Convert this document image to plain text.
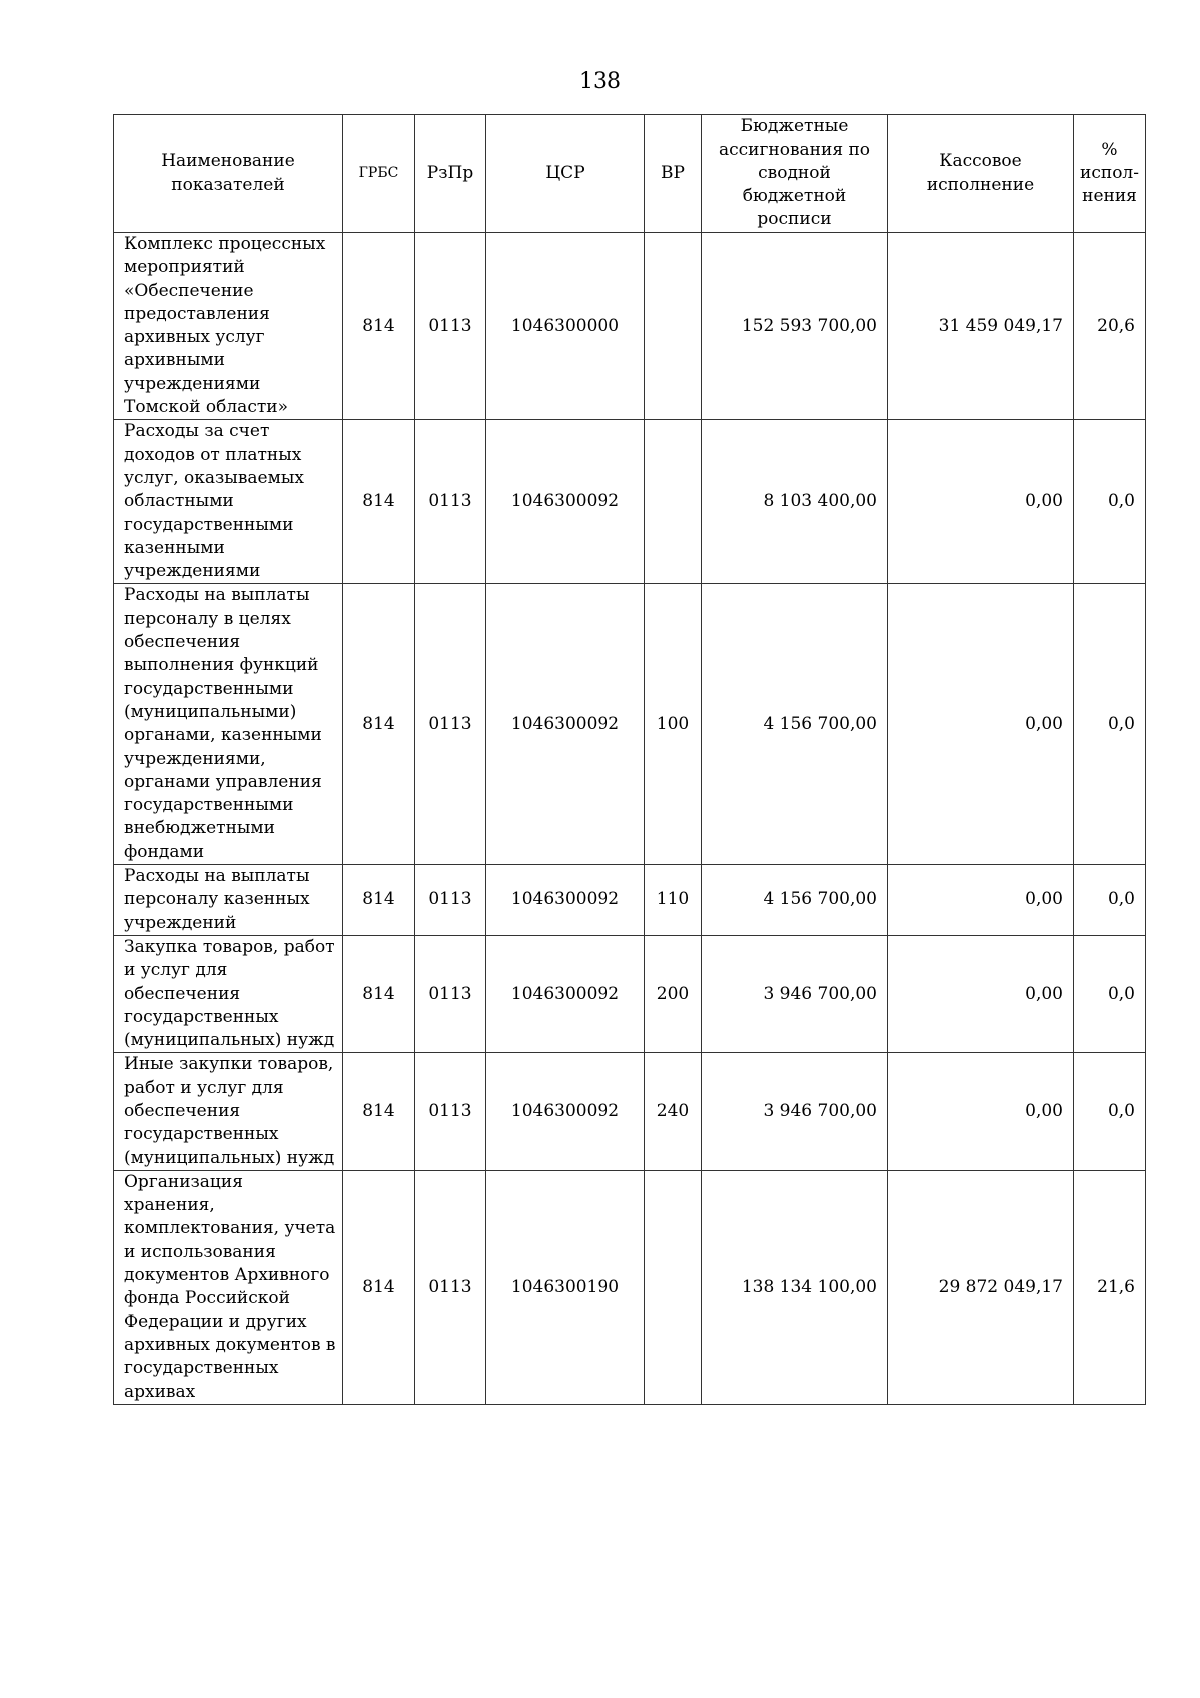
138
Наименование показателей	ГРБС	РзПр	ЦСР	ВР	Бюджетные ассигнования по сводной бюджетной росписи	Кассовое исполнение	% испол-нения
Комплекс процессных мероприятий «Обеспечение предоставления архивных услуг архивными учреждениями Томской области»	814	0113	1046300000		152 593 700,00	31 459 049,17	20,6
Расходы за счет доходов от платных услуг, оказываемых областными государственными казенными учреждениями	814	0113	1046300092		8 103 400,00	0,00	0,0
Расходы на выплаты персоналу в целях обеспечения выполнения функций государственными (муниципальными) органами, казенными учреждениями, органами управления государственными внебюджетными фондами	814	0113	1046300092	100	4 156 700,00	0,00	0,0
Расходы на выплаты персоналу казенных учреждений	814	0113	1046300092	110	4 156 700,00	0,00	0,0
Закупка товаров, работ и услуг для обеспечения государственных (муниципальных) нужд	814	0113	1046300092	200	3 946 700,00	0,00	0,0
Иные закупки товаров, работ и услуг для обеспечения государственных (муниципальных) нужд	814	0113	1046300092	240	3 946 700,00	0,00	0,0
Организация хранения, комплектования, учета и использования документов Архивного фонда Российской Федерации и других архивных документов в государственных архивах	814	0113	1046300190		138 134 100,00	29 872 049,17	21,6
